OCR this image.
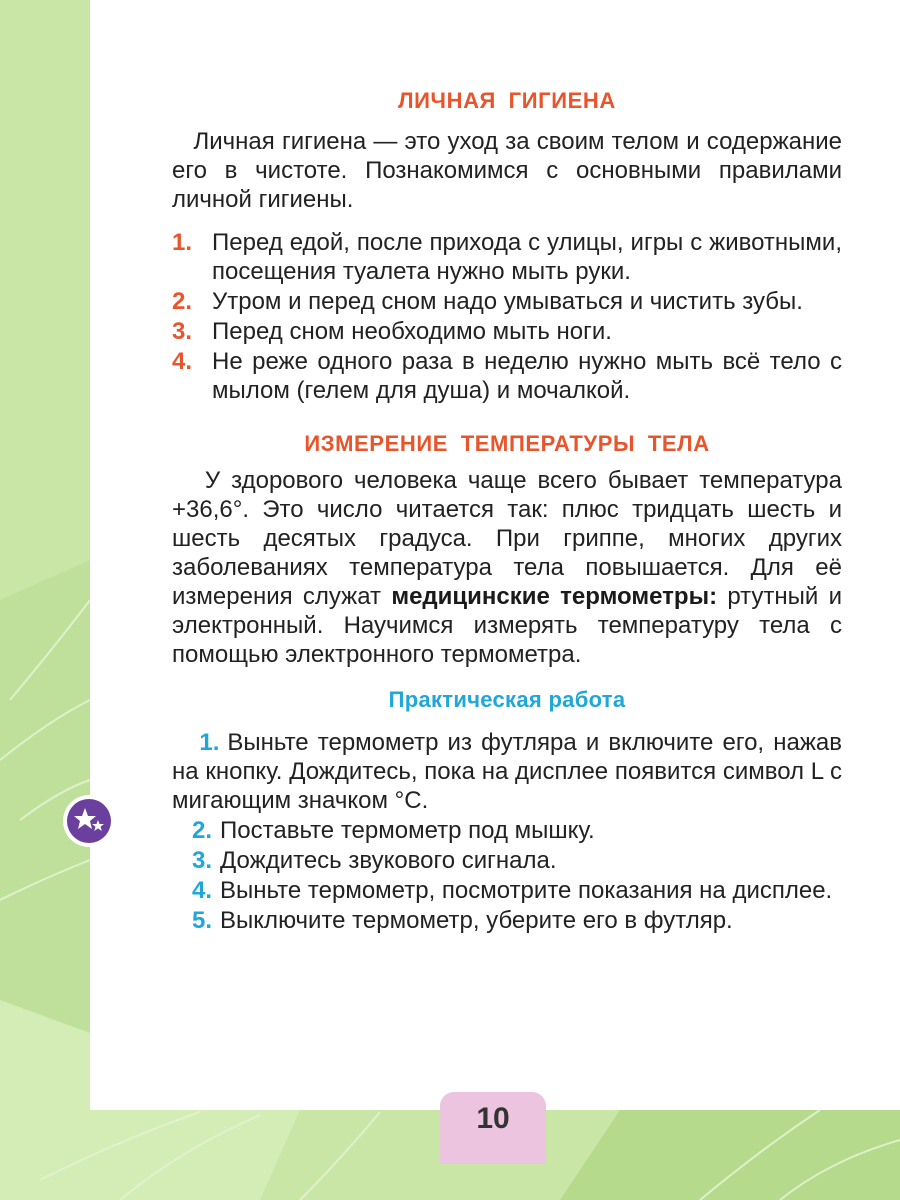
ЛИЧНАЯ ГИГИЕНА

Личная гигиена — это уход за своим телом и содержание его в чистоте. Познакомимся с основными правилами личной гигиены.

1. Перед едой, после прихода с улицы, игры с животными, посещения туалета нужно мыть руки.
2. Утром и перед сном надо умываться и чистить зубы.
3. Перед сном необходимо мыть ноги.
4. Не реже одного раза в неделю нужно мыть всё тело с мылом (гелем для душа) и мочалкой.
ИЗМЕРЕНИЕ ТЕМПЕРАТУРЫ ТЕЛА

У здорового человека чаще всего бывает температура +36,6°. Это число читается так: плюс тридцать шесть и шесть десятых градуса. При гриппе, многих других заболеваниях температура тела повышается. Для её измерения служат медицинские термометры: ртутный и электронный. Научимся измерять температуру тела с помощью электронного термометра.

Практическая работа
1. Выньте термометр из футляра и включите его, нажав на кнопку. Дождитесь, пока на дисплее появится символ L с мигающим значком °C.
2. Поставьте термометр под мышку.
3. Дождитесь звукового сигнала.
4. Выньте термометр, посмотрите показания на дисплее.
5. Выключите термометр, уберите его в футляр.
10
